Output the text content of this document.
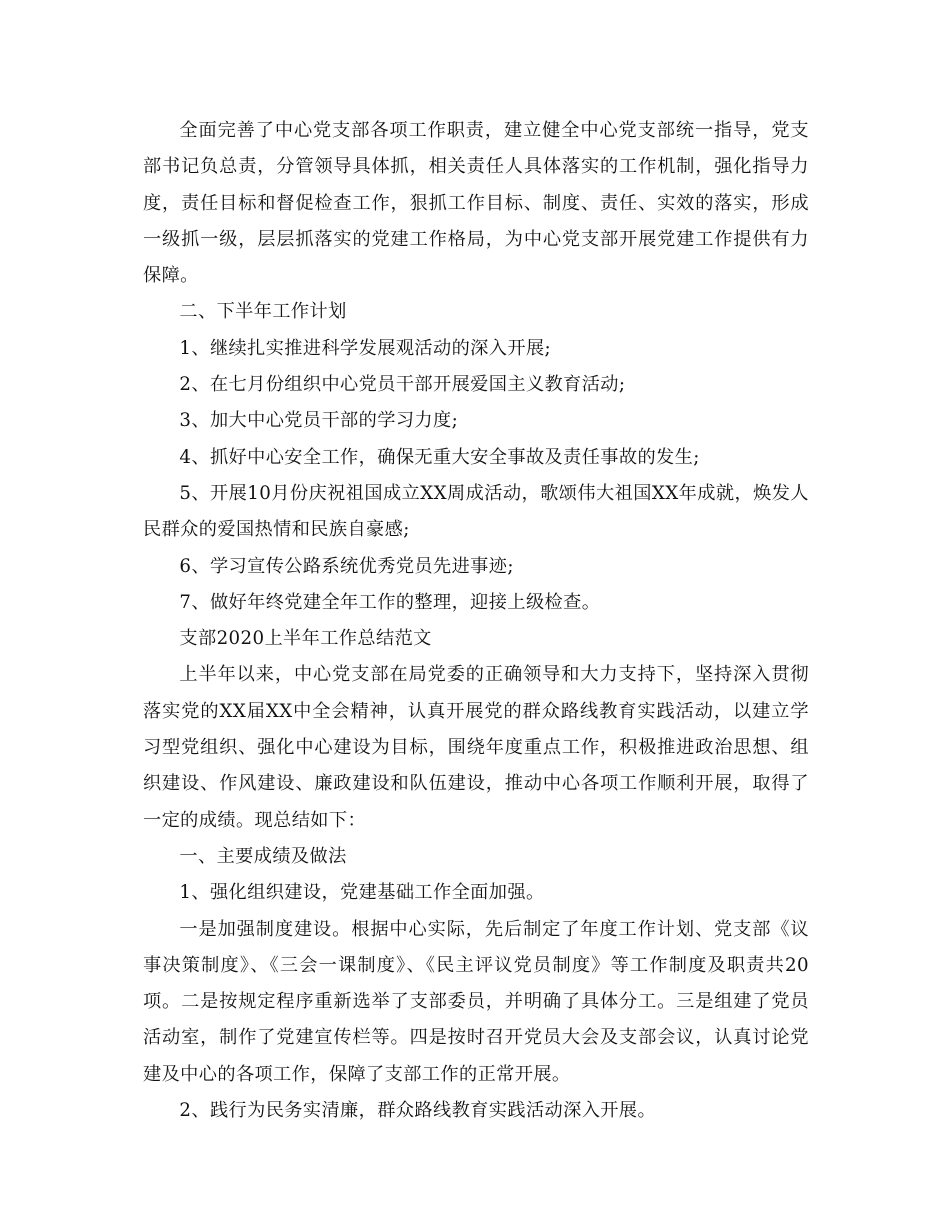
全面完善了中心党支部各项工作职责，建立健全中心党支部统一指导，党支部书记负总责，分管领导具体抓，相关责任人具体落实的工作机制，强化指导力度，责任目标和督促检查工作，狠抓工作目标、制度、责任、实效的落实，形成一级抓一级，层层抓落实的党建工作格局，为中心党支部开展党建工作提供有力保障。

二、下半年工作计划

1、继续扎实推进科学发展观活动的深入开展;

2、在七月份组织中心党员干部开展爱国主义教育活动;

3、加大中心党员干部的学习力度;

4、抓好中心安全工作，确保无重大安全事故及责任事故的发生;

5、开展10月份庆祝祖国成立XX周成活动，歌颂伟大祖国XX年成就，焕发人民群众的爱国热情和民族自豪感;

6、学习宣传公路系统优秀党员先进事迹;

7、做好年终党建全年工作的整理，迎接上级检查。

支部2020上半年工作总结范文

上半年以来，中心党支部在局党委的正确领导和大力支持下，坚持深入贯彻落实党的XX届XX中全会精神，认真开展党的群众路线教育实践活动，以建立学习型党组织、强化中心建设为目标，围绕年度重点工作，积极推进政治思想、组织建设、作风建设、廉政建设和队伍建设，推动中心各项工作顺利开展，取得了一定的成绩。现总结如下：

一、主要成绩及做法

1、强化组织建设，党建基础工作全面加强。

一是加强制度建设。根据中心实际，先后制定了年度工作计划、党支部《议事决策制度》、《三会一课制度》、《民主评议党员制度》等工作制度及职责共20项。二是按规定程序重新选举了支部委员，并明确了具体分工。三是组建了党员活动室，制作了党建宣传栏等。四是按时召开党员大会及支部会议，认真讨论党建及中心的各项工作，保障了支部工作的正常开展。

2、践行为民务实清廉，群众路线教育实践活动深入开展。
